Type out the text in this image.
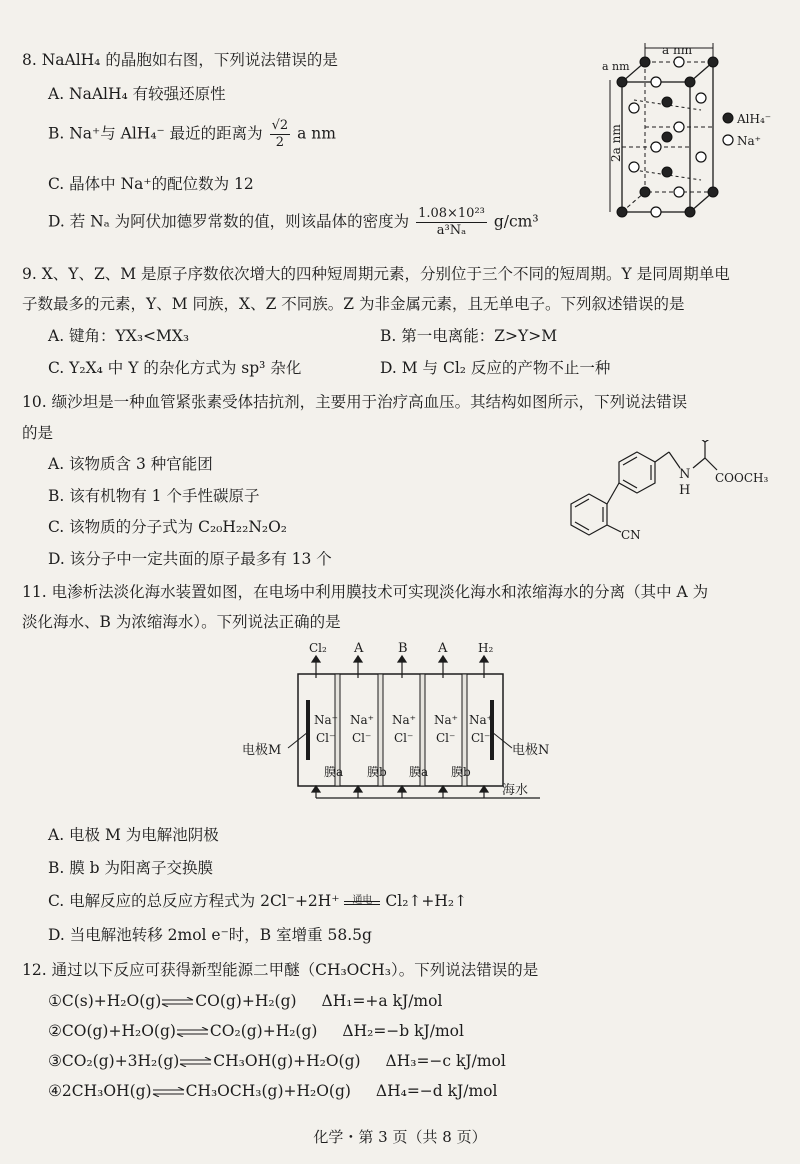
8. NaAlH₄ 的晶胞如右图，下列说法错误的是
A. NaAlH₄ 有较强还原性
B. Na⁺与 AlH₄⁻ 最近的距离为 $\frac{√2}{2}$ a nm
C. 晶体中 Na⁺的配位数为 12
D. 若 Nₐ 为阿伏加德罗常数的值，则该晶体的密度为 $\frac{\text{1.08×10²³}}{\text{a³Nₐ}} g/cm^3$
a nm
a nm
2a nm
AlH₄⁻
Na⁺
9. X、Y、Z、M 是原子序数依次增大的四种短周期元素，分别位于三个不同的短周期。Y 是同周期单电
子数最多的元素，Y、M 同族，X、Z 不同族。Z 为非金属元素，且无单电子。下列叙述错误的是
A. 键角：YX₃<MX₃	B. 第一电离能：Z>Y>M
C. Y₂X₄ 中 Y 的杂化方式为 sp³ 杂化	D. M 与 Cl₂ 反应的产物不止一种
10. 缬沙坦是一种血管紧张素受体拮抗剂，主要用于治疗高血压。其结构如图所示，下列说法错误
的是
A. 该物质含 3 种官能团
B. 该有机物有 1 个手性碳原子
C. 该物质的分子式为 C₂₀H₂₂N₂O₂
D. 该分子中一定共面的原子最多有 13 个
N
H
COOCH₃
CN
11. 电渗析法淡化海水装置如图，在电场中利用膜技术可实现淡化海水和浓缩海水的分离（其中 A 为
淡化海水、B 为浓缩海水）。下列说法正确的是
Cl₂ A	B A	H₂
Na⁺
Cl⁻
Na⁺
Cl⁻
Na⁺
Cl⁻
Na⁺
Cl⁻
Na⁺
Cl⁻
膜a 膜b 膜a 膜b
电极M	电极N
海水
A. 电极 M 为电解池阴极
B. 膜 b 为阳离子交换膜
C. 电解反应的总反应方程式为 2Cl⁻+2H⁺	通电 Cl₂↑+H₂↑
D. 当电解池转移 2mol e⁻时，B 室增重 58.5g
12. 通过以下反应可获得新型能源二甲醚（CH₃OCH₃）。下列说法错误的是
①C(s)+H₂O(g) CO(g)+H₂(g) ΔH₁=+a kJ/mol
②CO(g)+H₂O(g) CO₂(g)+H₂(g) ΔH₂=−b kJ/mol
③CO₂(g)+3H₂(g) CH₃OH(g)+H₂O(g) ΔH₃=−c kJ/mol
④2CH₃OH(g) CH₃OCH₃(g)+H₂O(g) ΔH₄=−d kJ/mol
化学・第 3 页（共 8 页）
